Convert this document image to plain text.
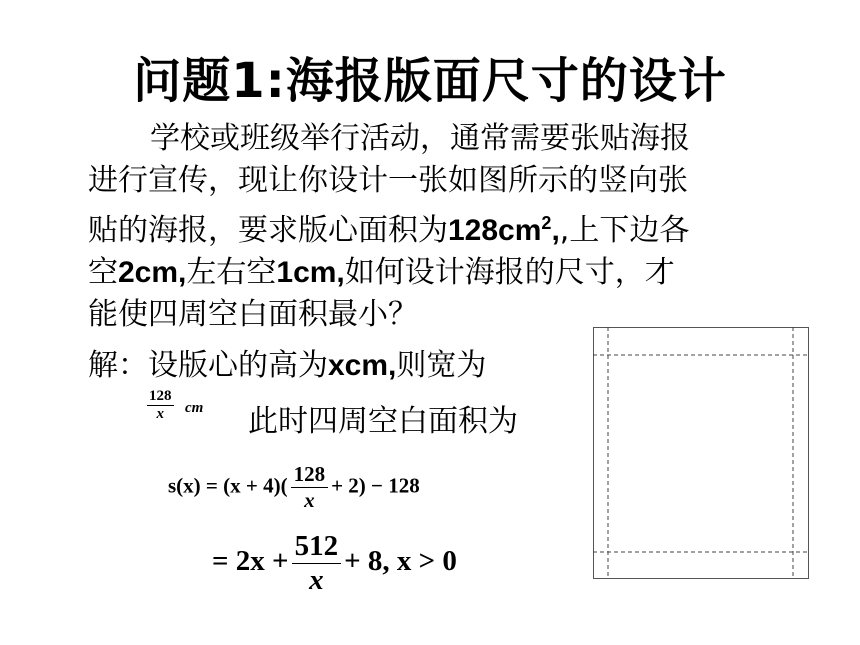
问题1:海报版面尺寸的设计
学校或班级举行活动，通常需要张贴海报
进行宣传，现让你设计一张如图所示的竖向张
贴的海报，要求版心面积为$128cm^2$,,上下边各
空2cm,左右空1cm,如何设计海报的尺寸，才
能使四周空白面积最小？
解：设版心的高为xcm,则宽为
128
x	cm 此时四周空白面积为
$s(x) = (x + 4)( \frac{128}{x} + 2) - 128$
= $2x + \frac{512}{x} + 8$, x > 0
